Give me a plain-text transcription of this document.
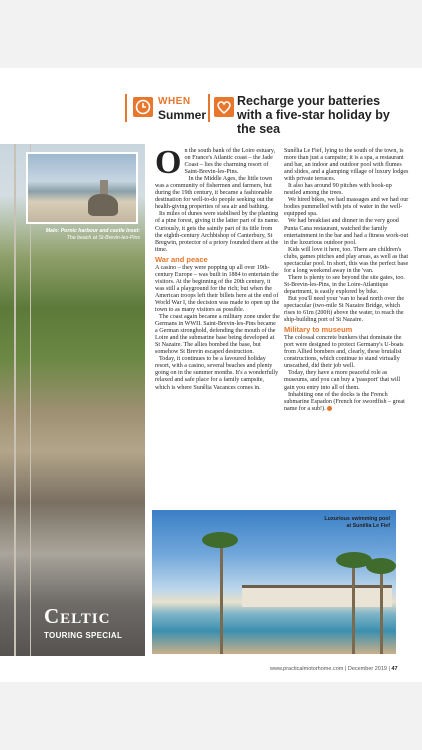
WHEN
Summer
Recharge your batteries with a five-star holiday by the sea
Main: Pornic harbour and castle Inset:
The beach at St-Brevin-les-Pins
Celtic
TOURING SPECIAL
O n the south bank of the Loire estuary, on France's Atlantic coast – the Jade Coast – lies the charming resort of Saint-Brevin-les-Pins.

In the Middle Ages, the little town was a community of fishermen and farmers, but during the 19th century, it became a fashionable destination for well-to-do people seeking out the health-giving properties of sea air and bathing.

Its miles of dunes were stabilised by the planting of a pine forest, giving it the latter part of its name. Curiously, it gets the saintly part of its title from the eighth-century Archbishop of Canterbury, St Bregwin, protector of a priory founded there at the time.

War and peace

A casino – they were popping up all over 19th-century Europe – was built in 1884 to entertain the visitors. At the beginning of the 20th century, it was still a playground for the rich; but when the American troops left their billets here at the end of World War I, the decision was made to open up the town to as many visitors as possible.

The coast again became a military zone under the Germans in WWII. Saint-Brevin-les-Pins became a German stronghold, defending the mouth of the Loire and the submarine base being developed at St Nazaire. The allies bombed the base, but somehow St Brevin escaped destruction.

Today, it continues to be a favoured holiday resort, with a casino, several beaches and plenty going on in the summer months. It's a wonderfully relaxed and safe place for a family campsite, which is where Sunêlia Vacances comes in.

Sunêlia Le Fief, lying to the south of the town, is more than just a campsite; it is a spa, a restaurant and bar, an indoor and outdoor pool with flumes and slides, and a glamping village of luxury lodges with private terraces.

It also has around 90 pitches with hook-up nestled among the trees.

We hired bikes, we had massages and we had our bodies pummelled with jets of water in the well-equipped spa.

We had breakfast and dinner in the very good Punta Cana restaurant, watched the family entertainment in the bar and had a fitness work-out in the luxurious outdoor pool.

Kids will love it here, too. There are children's clubs, games pitches and play areas, as well as that spectacular pool. In short, this was the perfect base for a long weekend away in the 'van.

There is plenty to see beyond the site gates, too. St-Brevin-les-Pins, in the Loire-Atlantique department, is easily explored by bike.

But you'll need your 'van to head north over the spectacular (two-mile St Nazaire Bridge, which rises to 61m (200ft) above the water, to reach the ship-building port of St Nazaire.

Military to museum

The colossal concrete bunkers that dominate the port were designed to protect Germany's U-boats from Allied bombers and, clearly, these brutalist constructions, which continue to stand virtually unscathed, did their job well.

Today, they have a more peaceful role as museums, and you can buy a 'passport' that will gain you entry into all of them.

Inhabiting one of the docks is the French submarine Espadon (French for swordfish – great name for a sub!).

Luxurious swimming pool
at Sunêlia Le Fief
www.practicalmotorhome.com | December 2019 | 47
